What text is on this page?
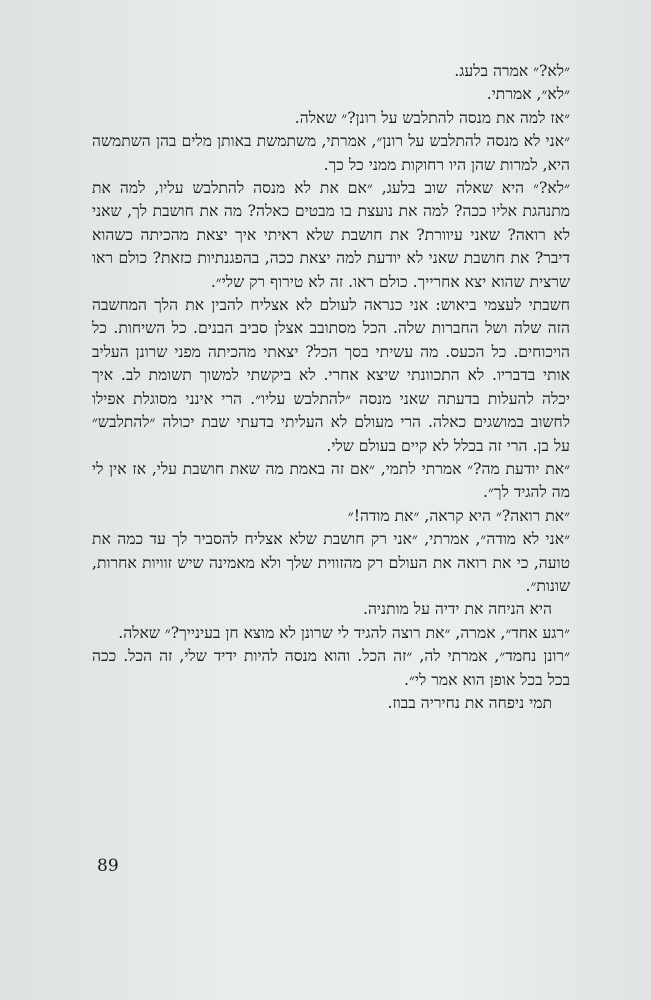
״לא?״ אמרה בלעג.

״לא״, אמרתי.

״אז למה את מנסה להתלבש על רונן?״ שאלה.

״אני לא מנסה להתלבש על רונן״, אמרתי, משתמשת באותן מלים בהן השתמשה היא, למרות שהן היו רחוקות ממני כל כך.

״לא?״ היא שאלה שוב בלעג, ״אם את לא מנסה להתלבש עליו, למה את מתנהגת אליו ככה? למה את נועצת בו מבטים כאלה? מה את חושבת לך, שאני לא רואה? שאני עיוורת? את חושבת שלא ראיתי איך יצאת מהכיתה כשהוא דיבר? את חושבת שאני לא יודעת למה יצאת ככה, בהפגנתיות כזאת? כולם ראו שרצית שהוא יצא אחרייך. כולם ראו. זה לא טירוף רק שלי״.

חשבתי לעצמי ביאוש: אני כנראה לעולם לא אצליח להבין את הלך המחשבה הזה שלה ושל החברות שלה. הכל מסתובב אצלן סביב הבנים. כל השיחות. כל הויכוחים. כל הכעס. מה עשיתי בסך הכל? יצאתי מהכיתה מפני שרונן העליב אותי בדבריו. לא התכוונתי שיצא אחרי. לא ביקשתי למשוך תשומת לב. איך יכלה להעלות בדעתה שאני מנסה ״להתלבש עליו״. הרי אינני מסוגלת אפילו לחשוב במושגים כאלה. הרי מעולם לא העליתי בדעתי שבת יכולה ״להתלבש״ על בן. הרי זה בכלל לא קיים בעולם שלי.

״את יודעת מה?״ אמרתי לתמי, ״אם זה באמת מה שאת חושבת עלי, אז אין לי מה להגיד לך״.

״את רואה?״ היא קראה, ״את מודה!״

״אני לא מודה״, אמרתי, ״אני רק חושבת שלא אצליח להסביר לך עד כמה את טועה, כי את רואה את העולם רק מהזווית שלך ולא מאמינה שיש זוויות אחרות, שונות״.

היא הניחה את ידיה על מותניה.

״רגע אחד״, אמרה, ״את רוצה להגיד לי שרונן לא מוצא חן בעינייך?״ שאלה.

״רונן נחמד״, אמרתי לה, ״זה הכל. והוא מנסה להיות ידיד שלי, זה הכל. ככה בכל בכל אופן הוא אמר לי״.

תמי ניפחה את נחיריה בבוז.

89
